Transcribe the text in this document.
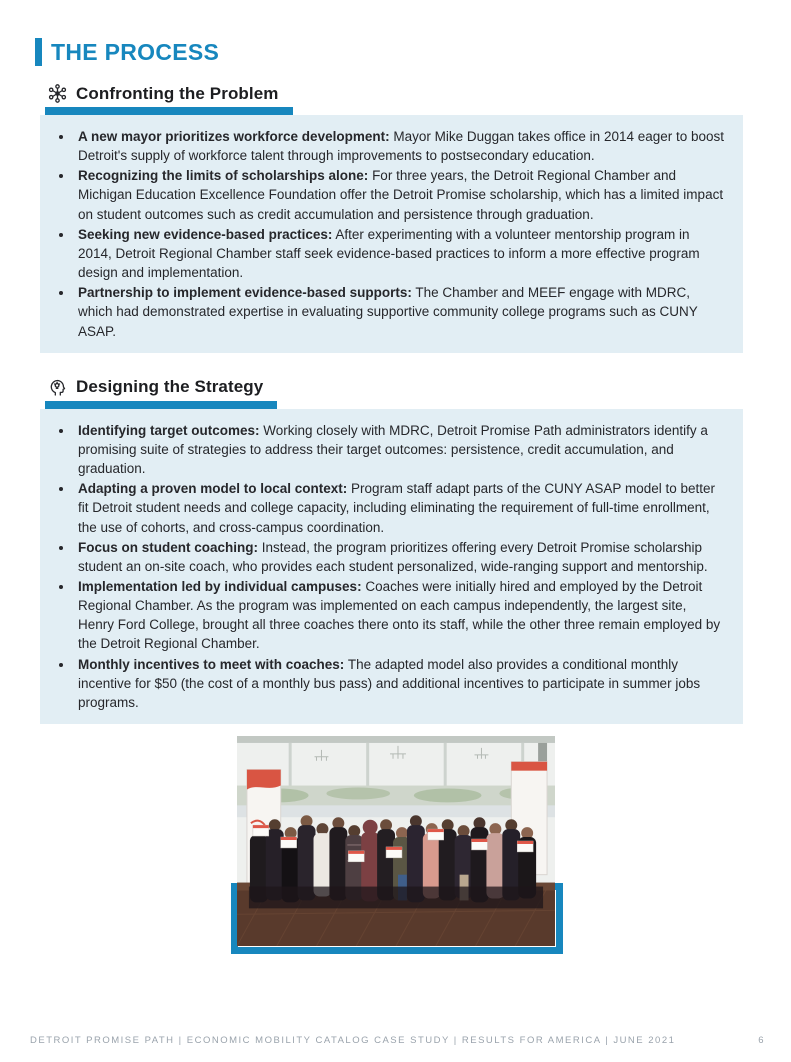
THE PROCESS
Confronting the Problem
• A new mayor prioritizes workforce development: Mayor Mike Duggan takes office in 2014 eager to boost Detroit's supply of workforce talent through improvements to postsecondary education.
• Recognizing the limits of scholarships alone: For three years, the Detroit Regional Chamber and Michigan Education Excellence Foundation offer the Detroit Promise scholarship, which has a limited impact on student outcomes such as credit accumulation and persistence through graduation.
• Seeking new evidence-based practices: After experimenting with a volunteer mentorship program in 2014, Detroit Regional Chamber staff seek evidence-based practices to inform a more effective program design and implementation.
• Partnership to implement evidence-based supports: The Chamber and MEEF engage with MDRC, which had demonstrated expertise in evaluating supportive community college programs such as CUNY ASAP.
Designing the Strategy
• Identifying target outcomes: Working closely with MDRC, Detroit Promise Path administrators identify a promising suite of strategies to address their target outcomes: persistence, credit accumulation, and graduation.
• Adapting a proven model to local context: Program staff adapt parts of the CUNY ASAP model to better fit Detroit student needs and college capacity, including eliminating the requirement of full-time enrollment, the use of cohorts, and cross-campus coordination.
• Focus on student coaching: Instead, the program prioritizes offering every Detroit Promise scholarship student an on-site coach, who provides each student personalized, wide-ranging support and mentorship.
• Implementation led by individual campuses: Coaches were initially hired and employed by the Detroit Regional Chamber. As the program was implemented on each campus independently, the largest site, Henry Ford College, brought all three coaches there onto its staff, while the other three remain employed by the Detroit Regional Chamber.
• Monthly incentives to meet with coaches: The adapted model also provides a conditional monthly incentive for $50 (the cost of a monthly bus pass) and additional incentives to participate in summer jobs programs.
DETROIT PROMISE PATH | ECONOMIC MOBILITY CATALOG CASE STUDY | RESULTS FOR AMERICA | JUNE 2021	6
